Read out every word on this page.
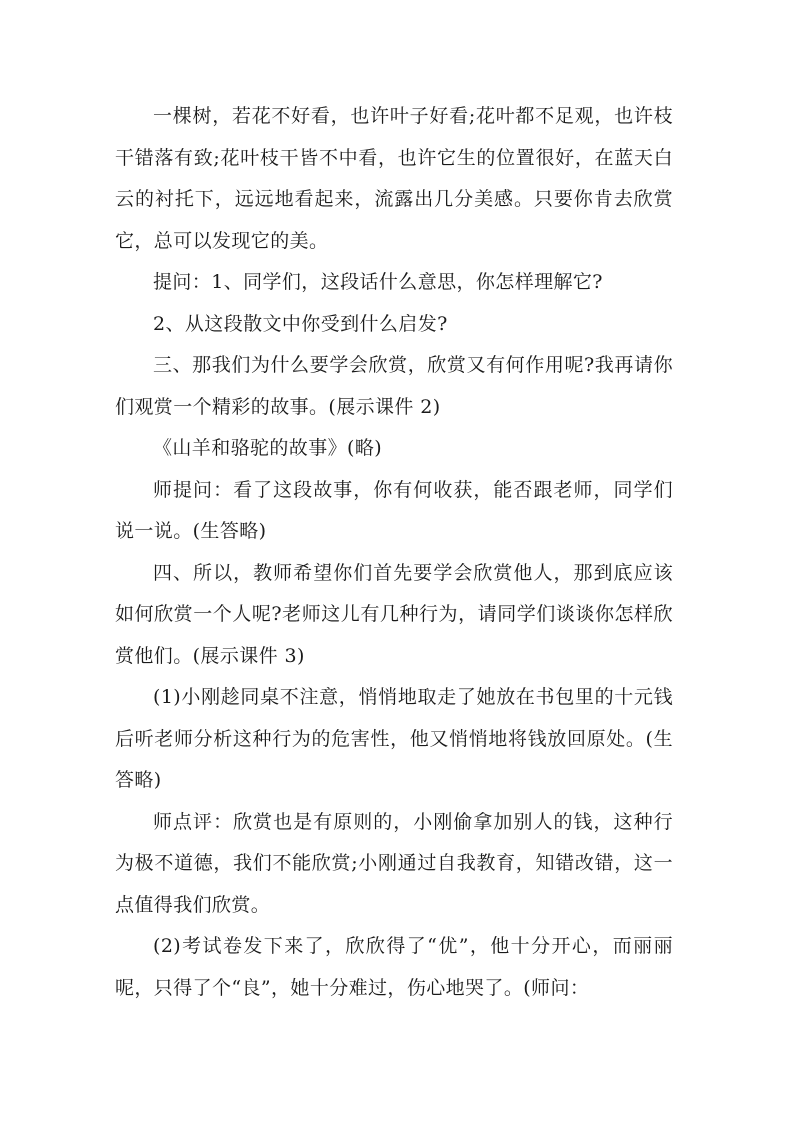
一棵树，若花不好看，也许叶子好看;花叶都不足观，也许枝干错落有致;花叶枝干皆不中看，也许它生的位置很好，在蓝天白云的衬托下，远远地看起来，流露出几分美感。只要你肯去欣赏它，总可以发现它的美。

提问：1、同学们，这段话什么意思，你怎样理解它?

2、从这段散文中你受到什么启发?

三、那我们为什么要学会欣赏，欣赏又有何作用呢?我再请你们观赏一个精彩的故事。(展示课件 2)

《山羊和骆驼的故事》(略)

师提问：看了这段故事，你有何收获，能否跟老师，同学们说一说。(生答略)

四、所以，教师希望你们首先要学会欣赏他人，那到底应该如何欣赏一个人呢?老师这儿有几种行为，请同学们谈谈你怎样欣赏他们。(展示课件 3)

(1)小刚趁同桌不注意，悄悄地取走了她放在书包里的十元钱后听老师分析这种行为的危害性，他又悄悄地将钱放回原处。(生答略)

师点评：欣赏也是有原则的，小刚偷拿加别人的钱，这种行为极不道德，我们不能欣赏;小刚通过自我教育，知错改错，这一点值得我们欣赏。

(2)考试卷发下来了，欣欣得了“优”，他十分开心，而丽丽呢，只得了个“良”，她十分难过，伤心地哭了。(师问：
